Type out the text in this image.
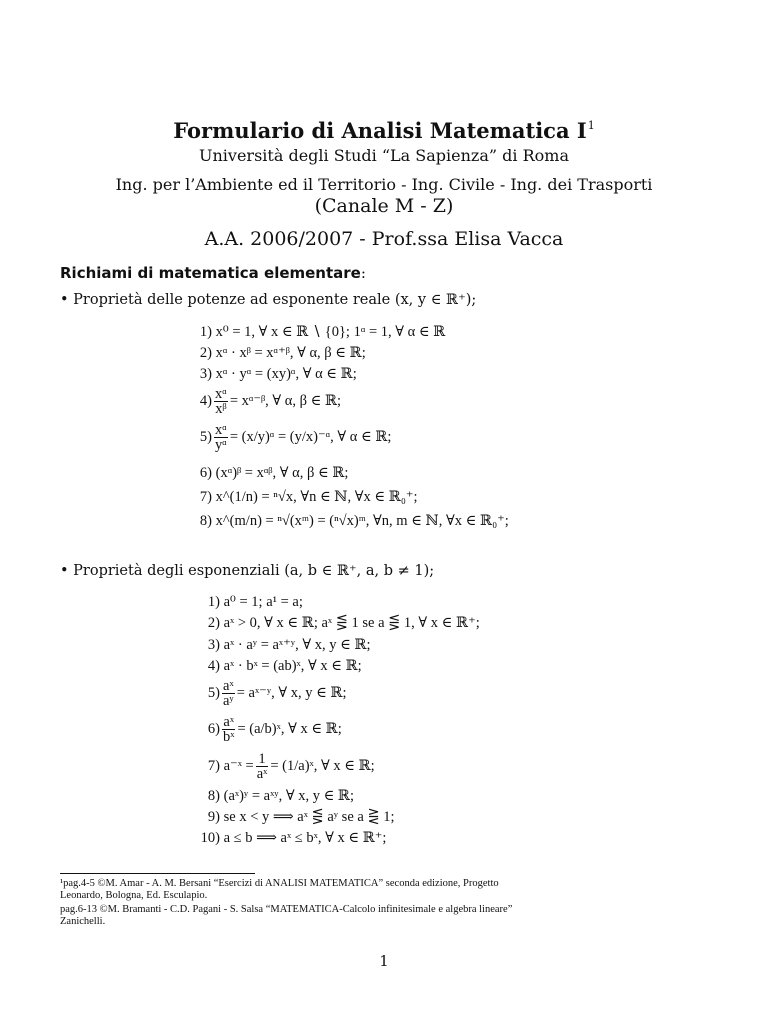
Formulario di Analisi Matematica $I^1$
Università degli Studi “La Sapienza” di Roma
Ing. per l’Ambiente ed il Territorio - Ing. Civile - Ing. dei Trasporti
(Canale M - Z)
A.A. 2006/2007 - Prof.ssa Elisa Vacca
Richiami di matematica elementare:
• Proprietà delle potenze ad esponente reale (x, y ∈ ℝ⁺);
1) x⁰ = 1, ∀ x ∈ ℝ ∖ {0}; 1ᵅ = 1, ∀ α ∈ ℝ
2) xᵅ · xᵝ = xᵅ⁺ᵝ, ∀ α, β ∈ ℝ;
3) xᵅ · yᵅ = (xy)ᵅ, ∀ α ∈ ℝ;
$4) \frac{\text{xᵅ}}{\text{xᵝ}}$ = xᵅ⁻ᵝ, ∀ α, β ∈ ℝ;
$5) \frac{\text{xᵅ}}{\text{yᵅ}}$ = (x/y)ᵅ = (y/x)⁻ᵅ, ∀ α ∈ ℝ;
6) (xᵅ)ᵝ = xᵅᵝ, ∀ α, β ∈ ℝ;
7) x^(1/n) = ⁿ√x, ∀n ∈ ℕ, ∀x ∈ ℝ₀⁺;
8) x^(m/n) = ⁿ√(xᵐ) = (ⁿ√x)ᵐ, ∀n, m ∈ ℕ, ∀x ∈ ℝ₀⁺;
• Proprietà degli esponenziali (a, b ∈ ℝ⁺, a, b ≠ 1);
1) a⁰ = 1; a¹ = a;
2) aˣ > 0, ∀ x ∈ ℝ; aˣ ⋚ 1 se a ⋚ 1, ∀ x ∈ ℝ⁺;
3) aˣ · aʸ = aˣ⁺ʸ, ∀ x, y ∈ ℝ;
4) aˣ · bˣ = (ab)ˣ, ∀ x ∈ ℝ;
$5) \frac{\text{aˣ}}{\text{aʸ}}$ = aˣ⁻ʸ, ∀ x, y ∈ ℝ;
$6) \frac{\text{aˣ}}{\text{bˣ}}$ = (a/b)ˣ, ∀ x ∈ ℝ;
7) a⁻ˣ = $\frac{1}{\text{aˣ}}$ = (1/a)ˣ, ∀ x ∈ ℝ;
8) (aˣ)ʸ = aˣʸ, ∀ x, y ∈ ℝ;
9) se x < y ⟹ aˣ ⋚ aʸ se a ⋛ 1;
10) a ≤ b ⟹ aˣ ≤ bˣ, ∀ x ∈ ℝ⁺;
¹pag.4-5 ©M. Amar - A. M. Bersani “Esercizi di ANALISI MATEMATICA” seconda edizione, Progetto
Leonardo, Bologna, Ed. Esculapio.
pag.6-13 ©M. Bramanti - C.D. Pagani - S. Salsa “MATEMATICA-Calcolo infinitesimale e algebra lineare”
Zanichelli.
1
